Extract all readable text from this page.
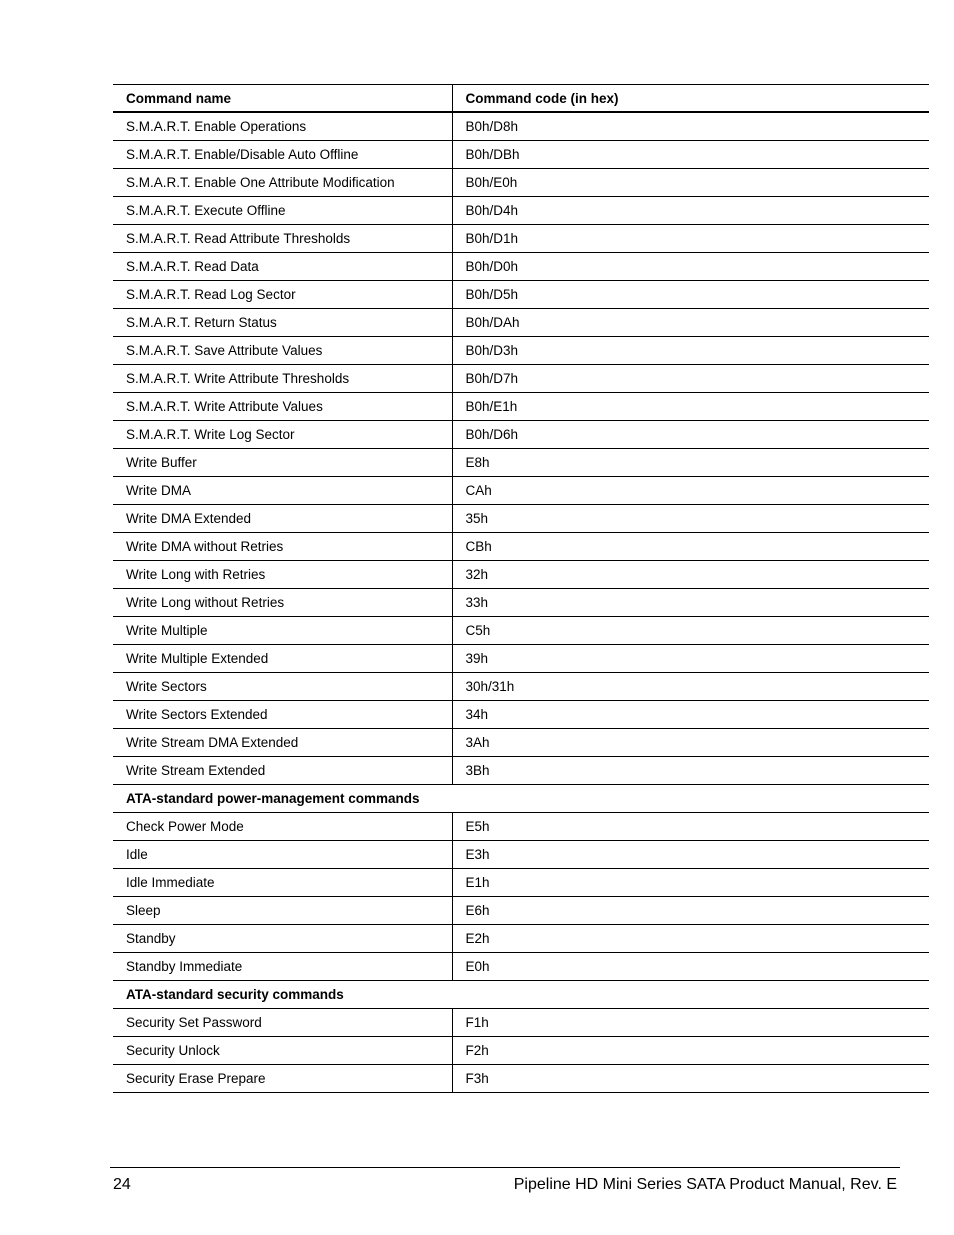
Command name	Command code (in hex)
S.M.A.R.T. Enable Operations	B0h/D8h
S.M.A.R.T. Enable/Disable Auto Offline	B0h/DBh
S.M.A.R.T. Enable One Attribute Modification	B0h/E0h
S.M.A.R.T. Execute Offline	B0h/D4h
S.M.A.R.T. Read Attribute Thresholds	B0h/D1h
S.M.A.R.T. Read Data	B0h/D0h
S.M.A.R.T. Read Log Sector	B0h/D5h
S.M.A.R.T. Return Status	B0h/DAh
S.M.A.R.T. Save Attribute Values	B0h/D3h
S.M.A.R.T. Write Attribute Thresholds	B0h/D7h
S.M.A.R.T. Write Attribute Values	B0h/E1h
S.M.A.R.T. Write Log Sector	B0h/D6h
Write Buffer	E8h
Write DMA	CAh
Write DMA Extended	35h
Write DMA without Retries	CBh
Write Long with Retries	32h
Write Long without Retries	33h
Write Multiple	C5h
Write Multiple Extended	39h
Write Sectors	30h/31h
Write Sectors Extended	34h
Write Stream DMA Extended	3Ah
Write Stream Extended	3Bh
ATA-standard power-management commands	
Check Power Mode	E5h
Idle	E3h
Idle Immediate	E1h
Sleep	E6h
Standby	E2h
Standby Immediate	E0h
ATA-standard security commands	
Security Set Password	F1h
Security Unlock	F2h
Security Erase Prepare	F3h
24	Pipeline HD Mini Series SATA Product Manual, Rev. E
